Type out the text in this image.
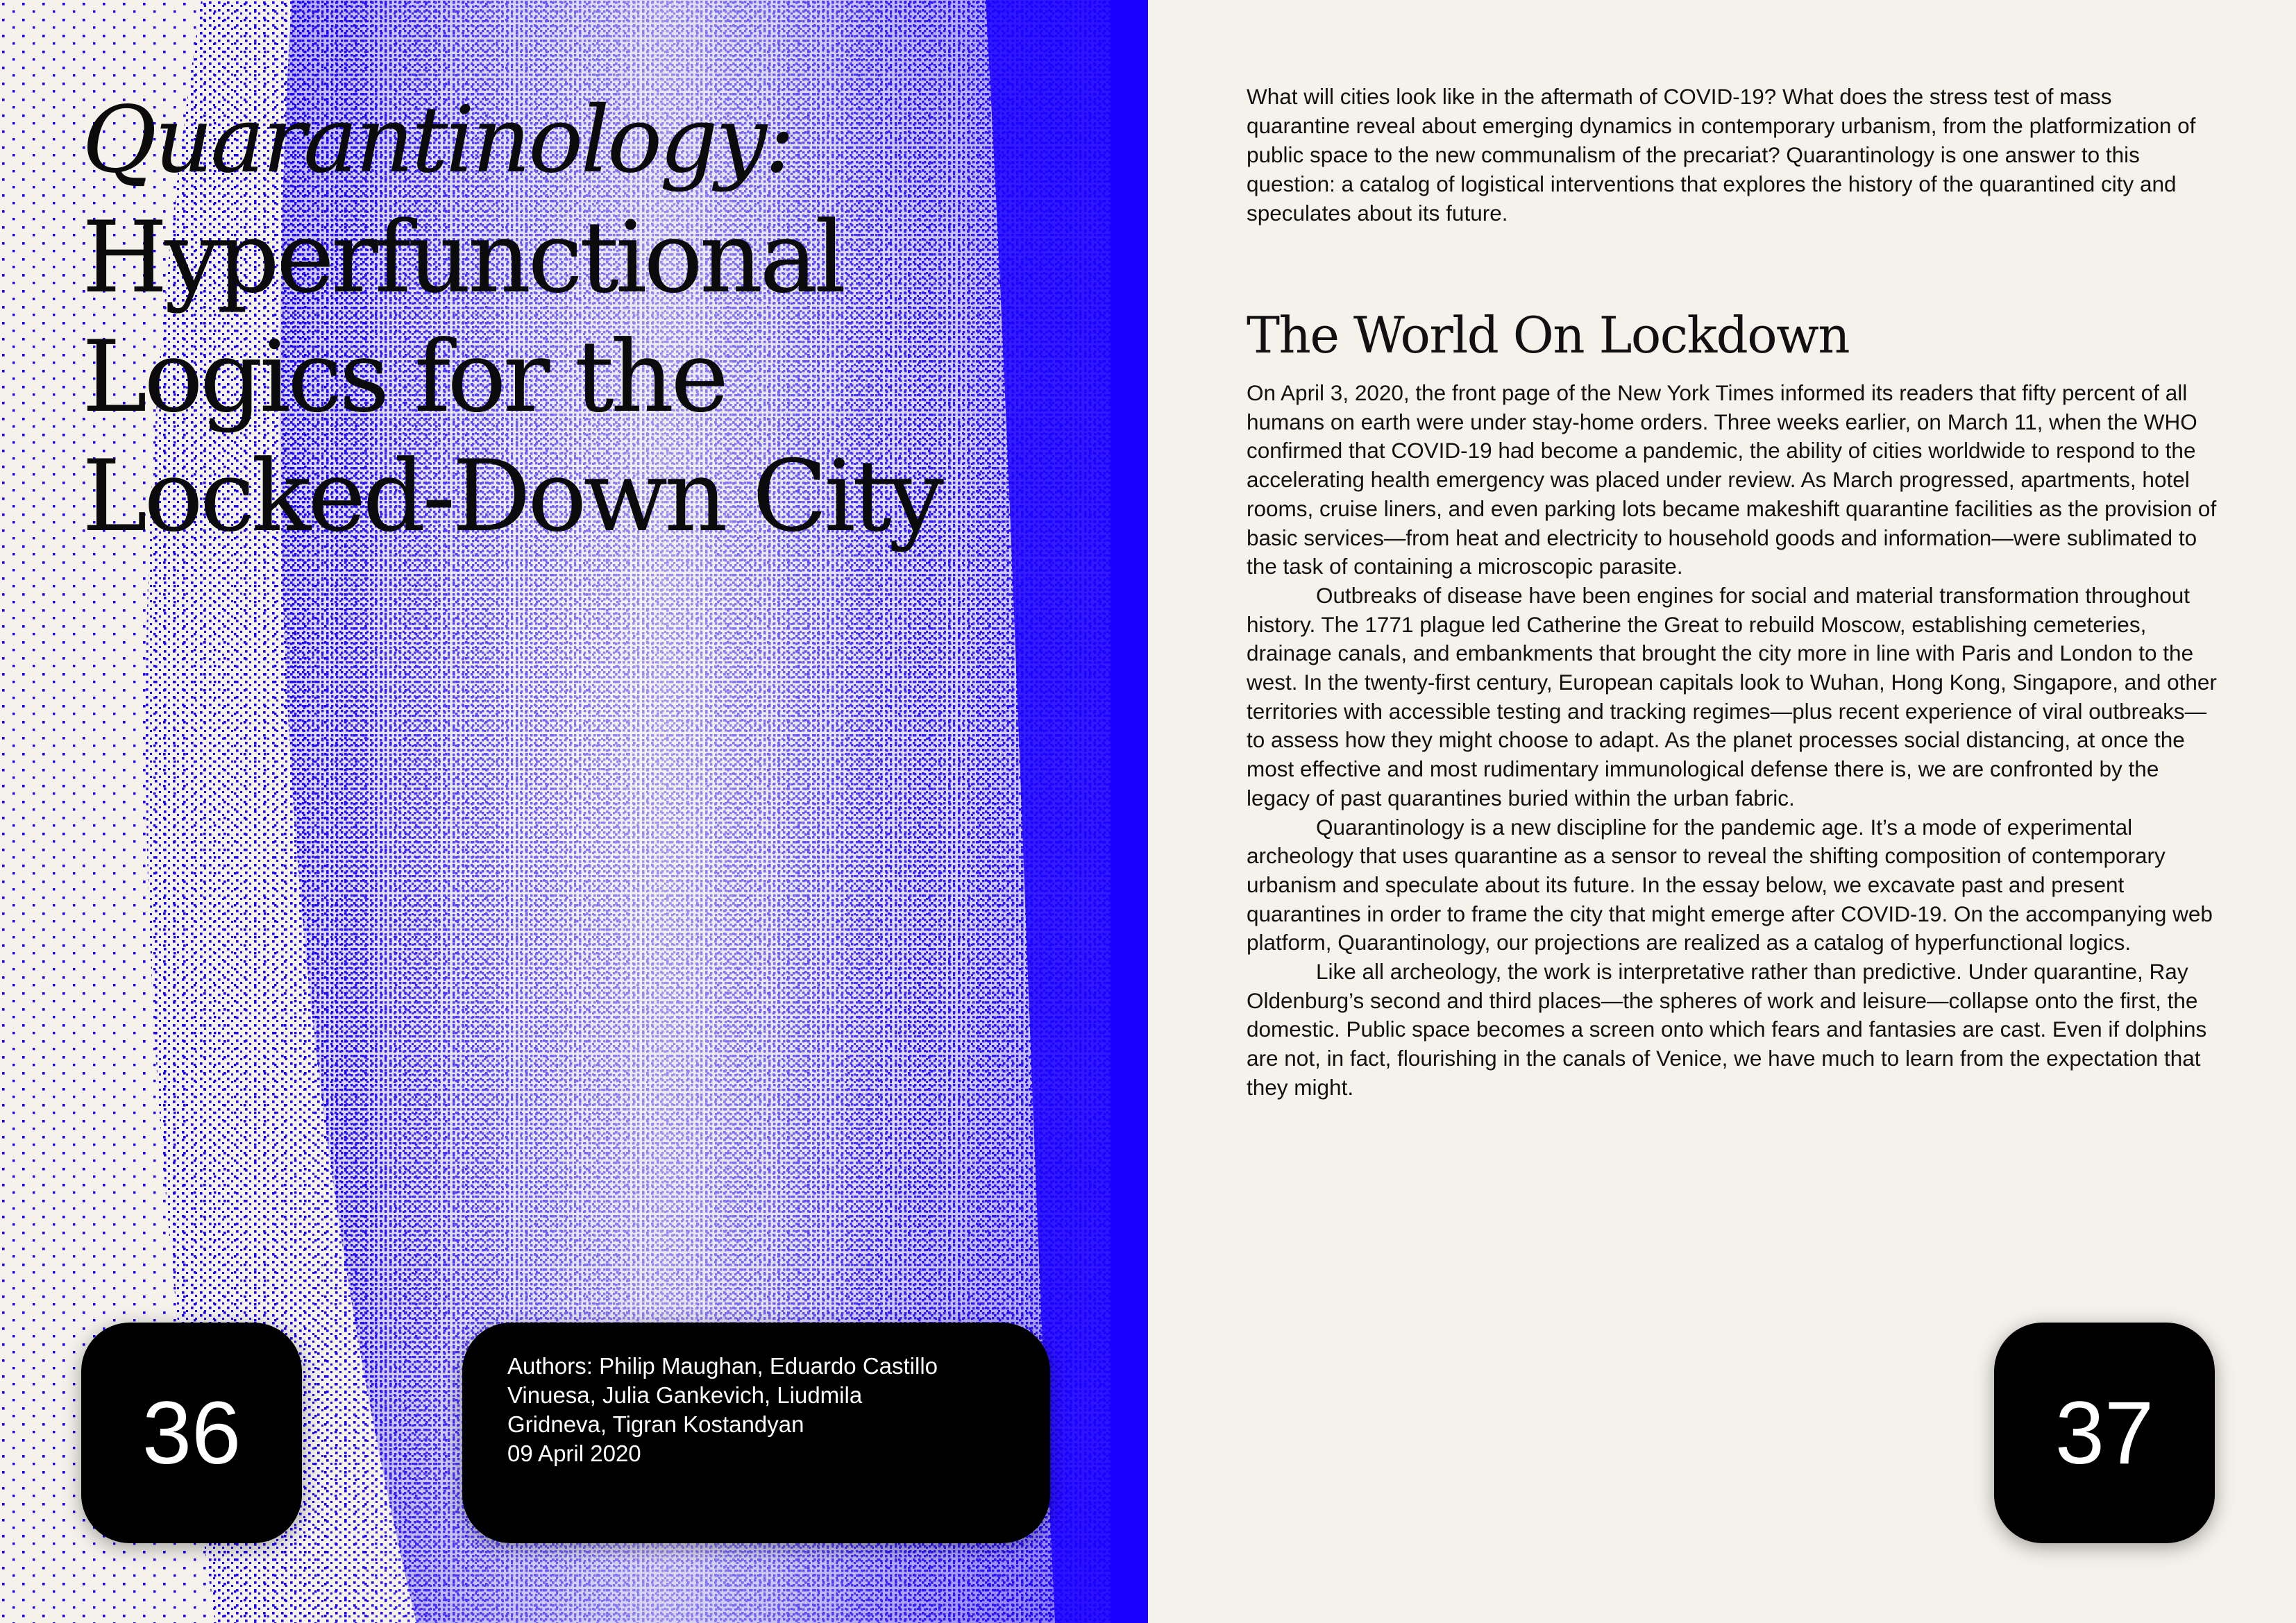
Quarantinology:

Hyperfunctional
Logics for the
Locked-Down City
36

Authors: Philip Maughan, Eduardo Castillo

Vinuesa, Julia Gankevich, Liudmila

Gridneva, Tigran Kostandyan

09 April 2020

What will cities look like in the aftermath of COVID-19? What does the stress test of mass quarantine reveal about emerging dynamics in contemporary urbanism, from the platformization of public space to the new communalism of the precariat? Quarantinology is one answer to this question: a catalog of logistical interventions that explores the history of the quarantined city and speculates about its future.

The World On Lockdown

On April 3, 2020, the front page of the New York Times informed its readers that fifty percent of all humans on earth were under stay-home orders. Three weeks earlier, on March 11, when the WHO confirmed that COVID-19 had become a pandemic, the ability of cities worldwide to respond to the accelerating health emergency was placed under review. As March progressed, apartments, hotel rooms, cruise liners, and even parking lots became makeshift quarantine facilities as the provision of basic services—from heat and electricity to household goods and information—were sublimated to the task of containing a microscopic parasite.

Outbreaks of disease have been engines for social and material transformation throughout history. The 1771 plague led Catherine the Great to rebuild Moscow, establishing cemeteries, drainage canals, and embankments that brought the city more in line with Paris and London to the west. In the twenty-first century, European capitals look to Wuhan, Hong Kong, Singapore, and other territories with accessible testing and tracking regimes—plus recent experience of viral outbreaks—to assess how they might choose to adapt. As the planet processes social distancing, at once the most effective and most rudimentary immunological defense there is, we are confronted by the legacy of past quarantines buried within the urban fabric.

Quarantinology is a new discipline for the pandemic age. It’s a mode of experimental archeology that uses quarantine as a sensor to reveal the shifting composition of contemporary urbanism and speculate about its future. In the essay below, we excavate past and present quarantines in order to frame the city that might emerge after COVID-19. On the accompanying web platform, Quarantinology, our projections are realized as a catalog of hyperfunctional logics.

Like all archeology, the work is interpretative rather than predictive. Under quarantine, Ray Oldenburg’s second and third places—the spheres of work and leisure—collapse onto the first, the domestic. Public space becomes a screen onto which fears and fantasies are cast. Even if dolphins are not, in fact, flourishing in the canals of Venice, we have much to learn from the expectation that they might.

37
